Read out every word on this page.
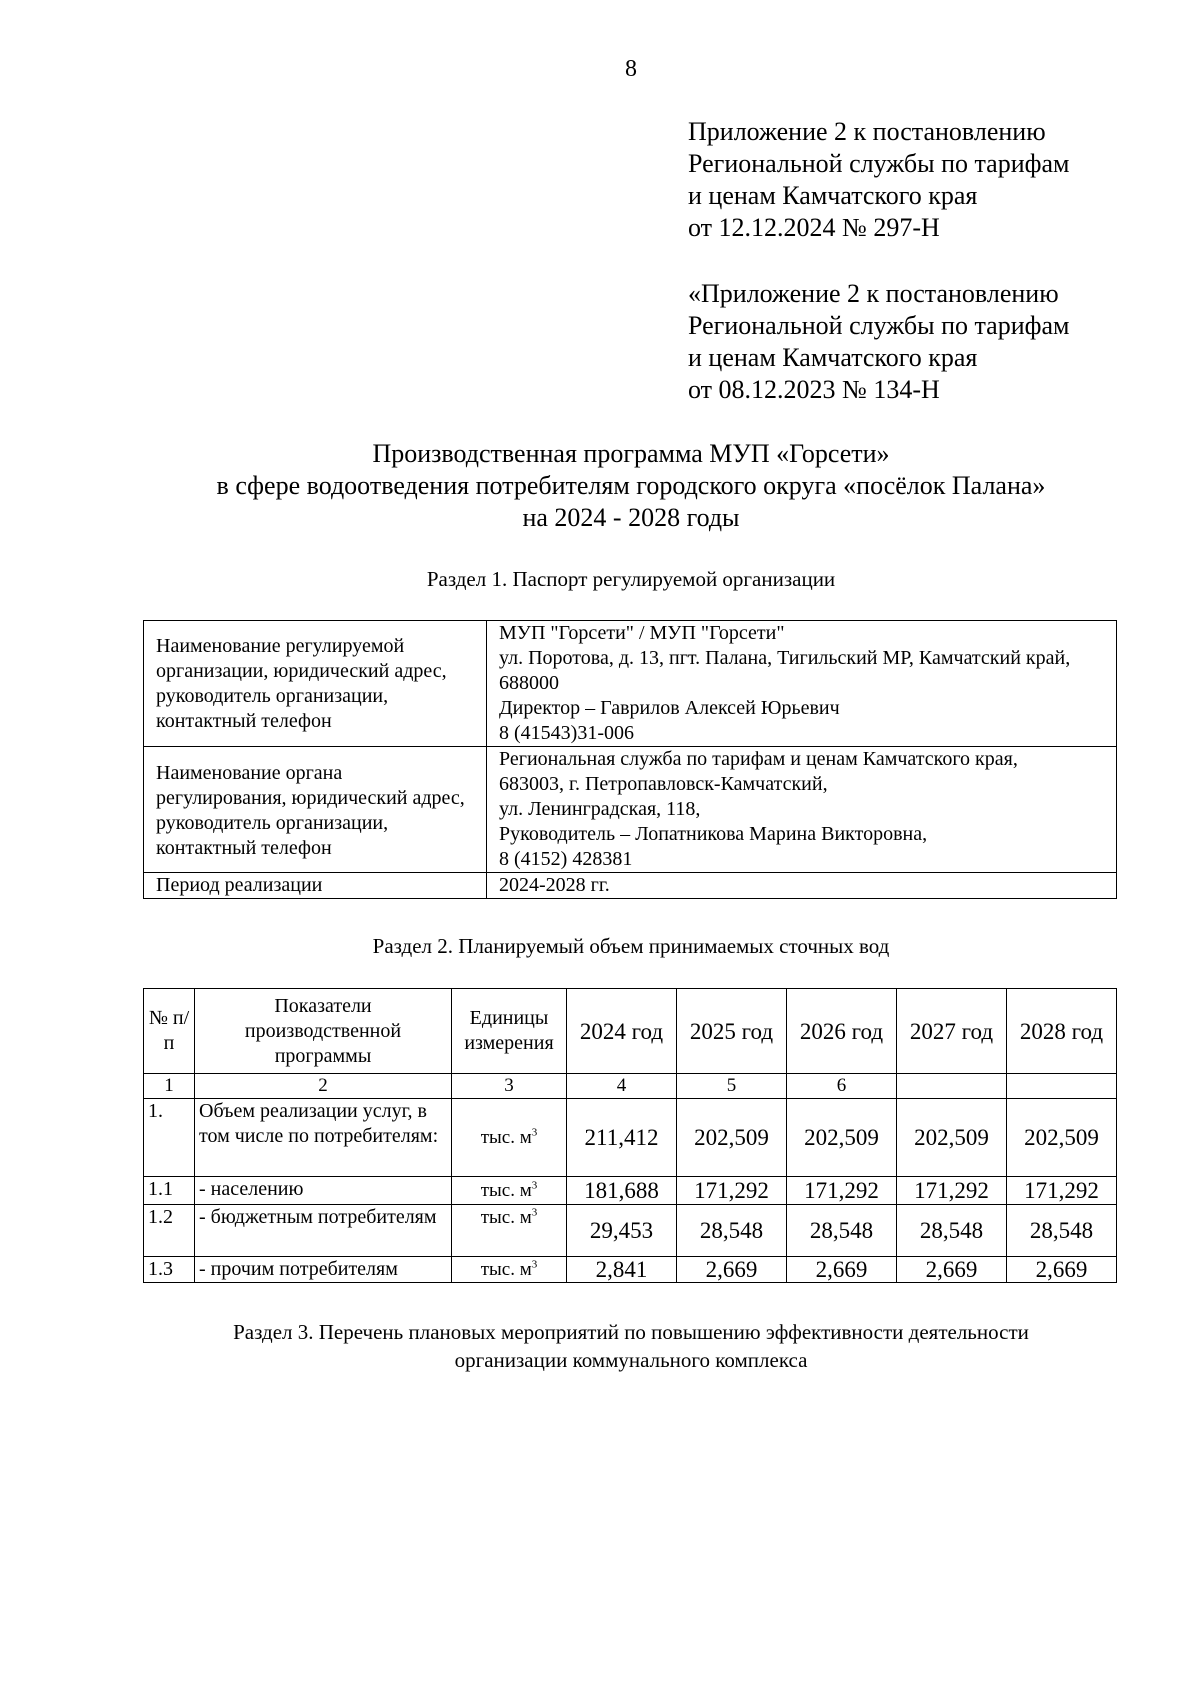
8
Приложение 2 к постановлению
Региональной службы по тарифам
и ценам Камчатского края
от 12.12.2024 № 297-Н
«Приложение 2 к постановлению
Региональной службы по тарифам
и ценам Камчатского края
от 08.12.2023 № 134-Н
Производственная программа МУП «Горсети»
в сфере водоотведения потребителям городского округа «посёлок Палана»
на 2024 - 2028 годы
Раздел 1. Паспорт регулируемой организации
Наименование регулируемой организации, юридический адрес, руководитель организации, контактный телефон	МУП "Горсети" / МУП "Горсети"
ул. Поротова, д. 13, пгт. Палана, Тигильский МР, Камчатский край, 688000
Директор – Гаврилов Алексей Юрьевич
8 (41543)31-006

Наименование органа регулирования, юридический адрес, руководитель организации, контактный телефон	Региональная служба по тарифам и ценам Камчатского края,
683003, г. Петропавловск-Камчатский,
ул. Ленинградская, 118,
Руководитель – Лопатникова Марина Викторовна,
8 (4152) 428381

Период реализации	2024-2028 гг.
Раздел 2. Планируемый объем принимаемых сточных вод
№ п/п	Показатели производственной программы	Единицы измерения	2024 год	2025 год	2026 год	2027 год	2028 год
1	2	3	4	5	6		
1.	Объем реализации услуг, в том числе по потребителям:	тыс. $м^3$	211,412	202,509	202,509	202,509	202,509
1.1	- населению	тыс. $м^3$	181,688	171,292	171,292	171,292	171,292
1.2	- бюджетным потребителям	тыс. $м^3$	29,453	28,548	28,548	28,548	28,548
1.3	- прочим потребителям	тыс. $м^3$	2,841	2,669	2,669	2,669	2,669
Раздел 3. Перечень плановых мероприятий по повышению эффективности деятельности
организации коммунального комплекса
